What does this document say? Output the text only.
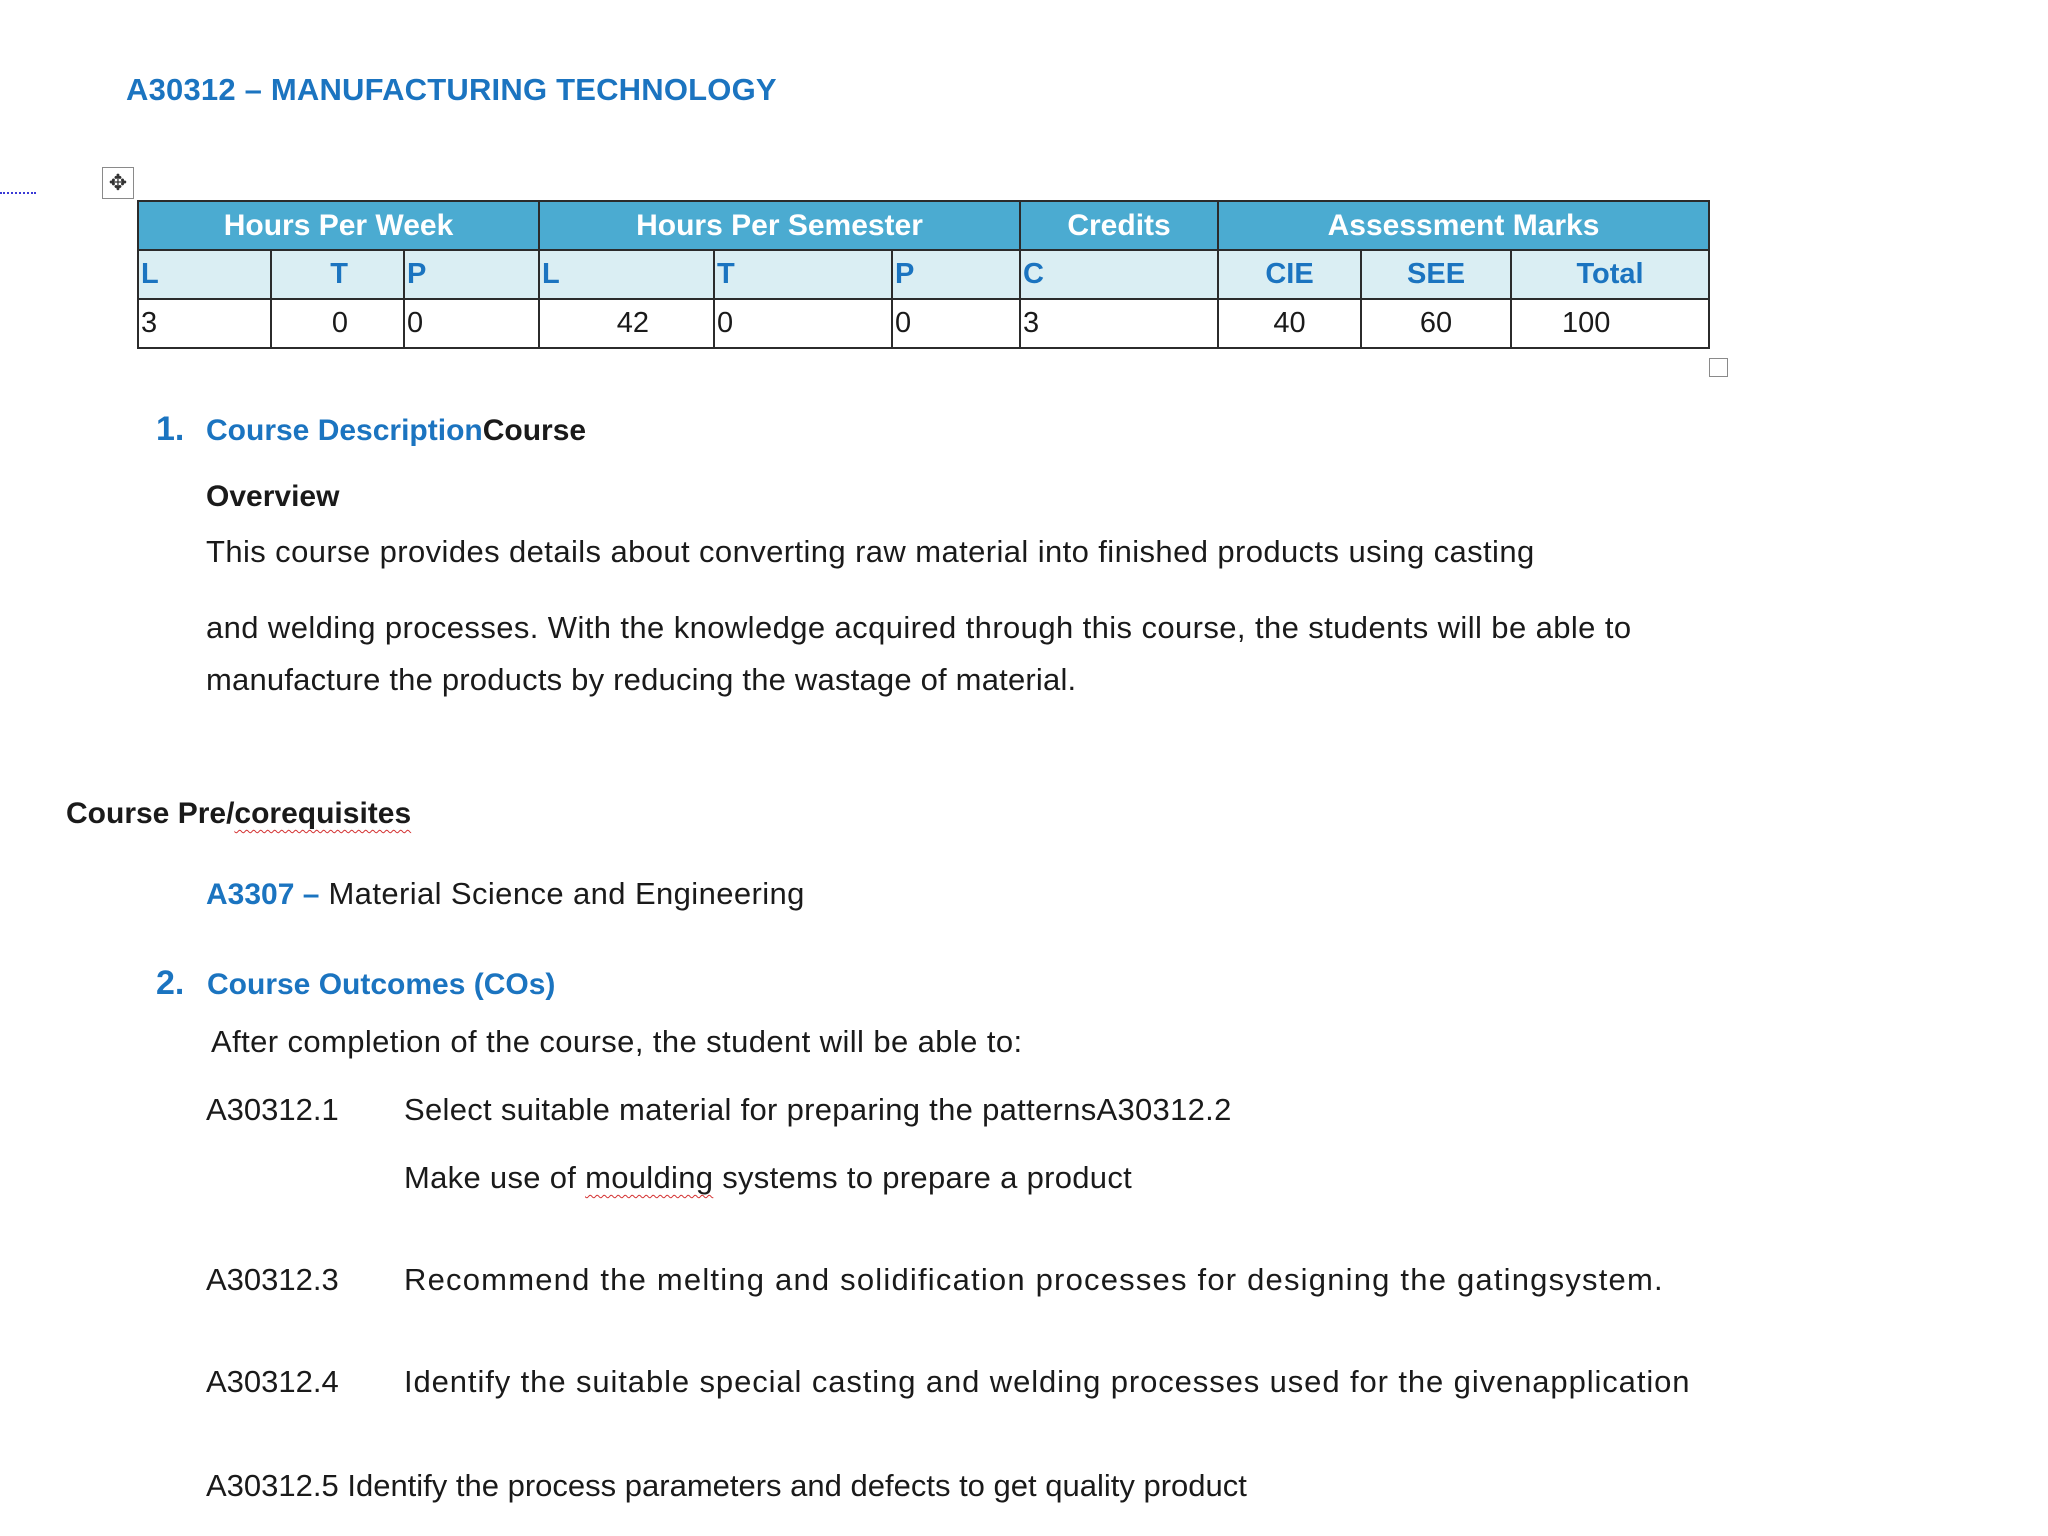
A30312 – MANUFACTURING TECHNOLOGY
✥
Hours Per Week			Hours Per Semester			Credits	Assessment Marks		
L	T	P	L	T	P	C	CIE	SEE	Total
3	0	0	42	0	0	3	40	60	100
1. Course DescriptionCourse
Overview
This course provides details about converting raw material into finished products using casting
and welding processes. With the knowledge acquired through this course, the students will be able to
manufacture the products by reducing the wastage of material.
Course Pre/corequisites
A3307 – Material Science and Engineering
2. Course Outcomes (COs)
After completion of the course, the student will be able to:
A30312.1 Select suitable material for preparing the patternsA30312.2
Make use of moulding systems to prepare a product
A30312.3 Recommend the melting and solidification processes for designing the gatingsystem.
A30312.4 Identify the suitable special casting and welding processes used for the givenapplication
A30312.5 Identify the process parameters and defects to get quality product
